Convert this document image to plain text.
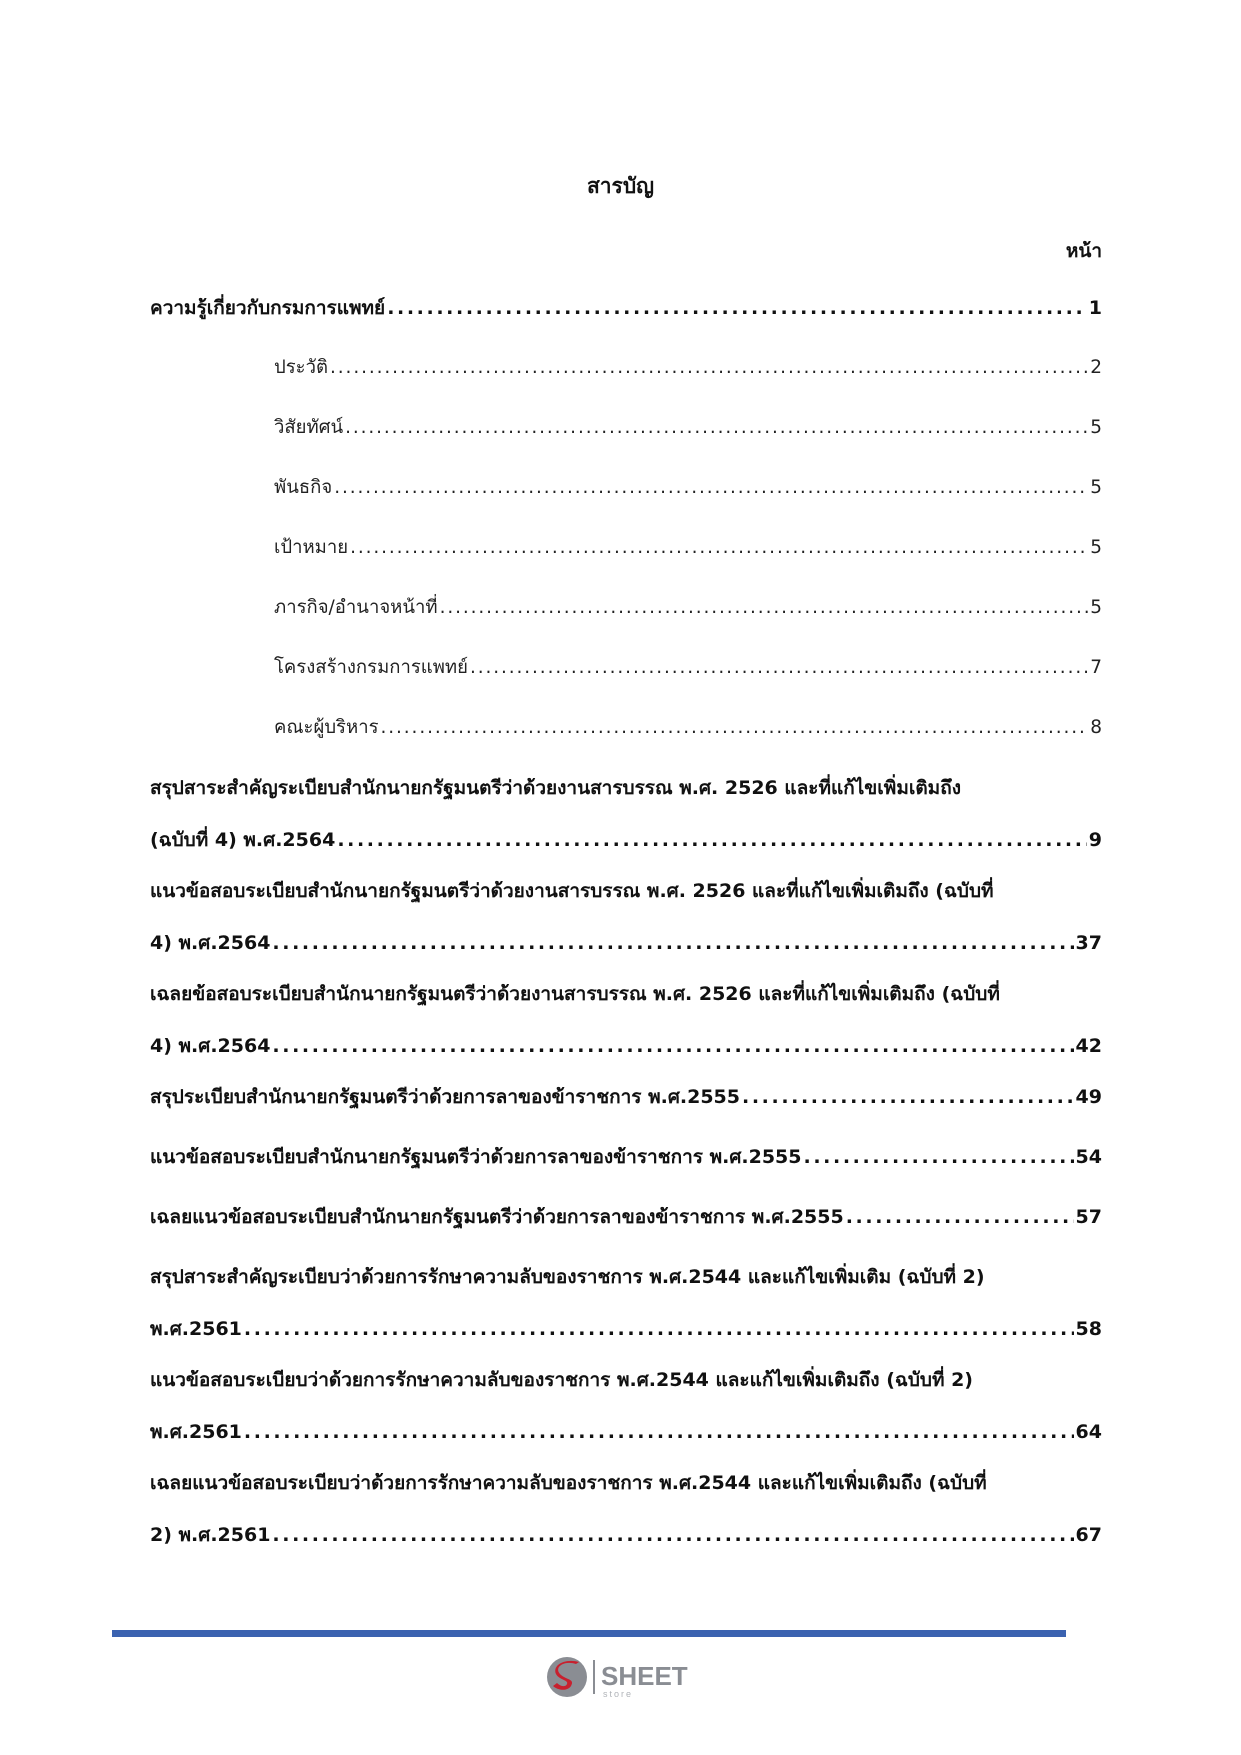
สารบัญ
หน้า
ความรู้เกี่ยวกับกรมการแพทย์ . . .	1
ประวัติ . . .	2
วิสัยทัศน์ . . .	5
พันธกิจ . . .	5
เป้าหมาย . . .	5
ภารกิจ/อำนาจหน้าที่ . . .	5
โครงสร้างกรมการแพทย์ . . .	7
คณะผู้บริหาร . . .	8
สรุปสาระสำคัญระเบียบสำนักนายกรัฐมนตรีว่าด้วยงานสารบรรณ พ.ศ. 2526 และที่แก้ไขเพิ่มเติมถึง
(ฉบับที่ 4) พ.ศ.2564 . . .	9
แนวข้อสอบระเบียบสำนักนายกรัฐมนตรีว่าด้วยงานสารบรรณ พ.ศ. 2526 และที่แก้ไขเพิ่มเติมถึง (ฉบับที่
4) พ.ศ.2564 . . .	37
เฉลยข้อสอบระเบียบสำนักนายกรัฐมนตรีว่าด้วยงานสารบรรณ พ.ศ. 2526 และที่แก้ไขเพิ่มเติมถึง (ฉบับที่
4) พ.ศ.2564 . . .	42
สรุประเบียบสำนักนายกรัฐมนตรีว่าด้วยการลาของข้าราชการ พ.ศ.2555 . . .	49
แนวข้อสอบระเบียบสำนักนายกรัฐมนตรีว่าด้วยการลาของข้าราชการ พ.ศ.2555 . . .	54
เฉลยแนวข้อสอบระเบียบสำนักนายกรัฐมนตรีว่าด้วยการลาของข้าราชการ พ.ศ.2555 . . .	57
สรุปสาระสำคัญระเบียบว่าด้วยการรักษาความลับของราชการ พ.ศ.2544 และแก้ไขเพิ่มเติม (ฉบับที่ 2)
พ.ศ.2561 . . .	58
แนวข้อสอบระเบียบว่าด้วยการรักษาความลับของราชการ พ.ศ.2544 และแก้ไขเพิ่มเติมถึง (ฉบับที่ 2)
พ.ศ.2561 . . .	64
เฉลยแนวข้อสอบระเบียบว่าด้วยการรักษาความลับของราชการ พ.ศ.2544 และแก้ไขเพิ่มเติมถึง (ฉบับที่
2) พ.ศ.2561 . . .	67
SHEET
store
